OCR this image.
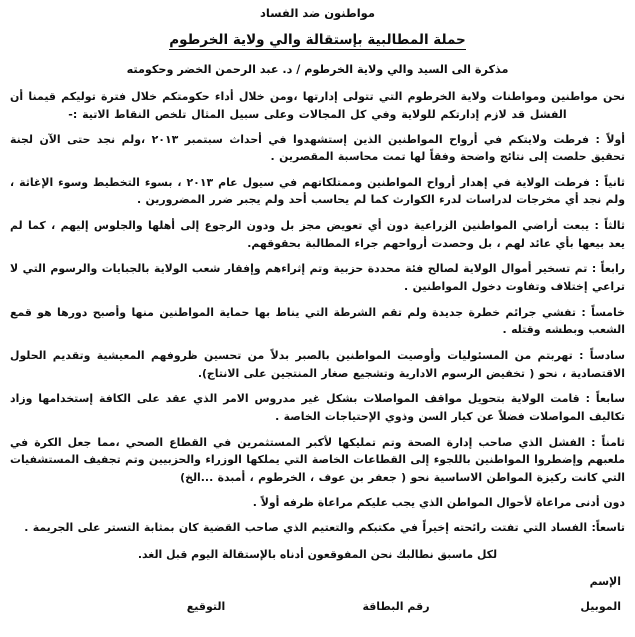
مواطنون ضد الفساد
حملة المطالبية بإستقالة والي ولاية الخرطوم
مذكرة الى السيد والي ولاية الخرطوم / د. عبد الرحمن الخضر وحكومته
نحن مواطنين ومواطنات ولاية الخرطوم التي تتولى إدارتها ،ومن خلال أداء حكومتكم خلال فترة توليكم قيمنا أن الفشل قد لازم إدارتكم للولاية وفي كل المجالات وعلى سبيل المثال تلخص النقاط الاتية :-

أولاً : فرطت ولايتكم في أرواح المواطنين الذين إستشهدوا في أحداث سبتمبر ٢٠١٣ ،ولم نجد حتى الآن لجنة تحقيق حلصت إلى نتائج واضحة وفقاً لها تمت محاسبة المقصرين .

ثانياً : فرطت الولاية في إهدار أرواح المواطنين وممتلكاتهم في سيول عام ٢٠١٣ ، بسوء التخطيط وسوء الإغاثة ، ولم نجد أي مخرجات لدراسات لدرء الكوارث كما لم يحاسب أحد ولم يجبر ضرر المضرورين .

ثالثاً : يبعت أراضي المواطنين الزراعية دون أي تعويض مجز بل ودون الرجوع إلى أهلها والجلوس إليهم ، كما لم يعد بيعها بأي عائد لهم ، بل وحصدت أرواحهم جراء المطالبة بحقوقهم.

رابعاً : تم تسخير أموال الولاية لصالح فئة محددة حزبية وتم إثراءهم وإفقار شعب الولاية بالجبايات والرسوم التي لا تراعي إختلاف وتفاوت دخول المواطنين .

خامساً : تفشي جرائم خطرة جديدة ولم تقم الشرطة التي يناط بها حماية المواطنين منها وأصبح دورها هو قمع الشعب وبطشه وقتله .

سادساً : تهربتم من المسئوليات وأوصيت المواطنين بالصبر بدلاً من تحسين ظروفهم المعيشية وتقديم الحلول الاقتصادية ، نحو ( تخفيض الرسوم الادارية وتشجيع صغار المنتجين على الانتاج).

سابعاً : قامت الولاية بتحويل مواقف المواصلات بشكل غير مدروس الامر الذي عقد على الكافة إستخدامها وزاد تكاليف المواصلات فضلاً عن كيار السن وذوي الإحتياجات الخاصة .

ثامناً : الفشل الذي صاحب إدارة الصحة وتم تمليكها لأكبر المستثمرين في القطاع الصحي ،مما جعل الكرة في ملعبهم وإضطروا المواطنين باللجوء إلى القطاعات الخاصة التي يملكها الوزراء والحزبيين وتم تجفيف المستشفيات التي كانت ركيزة المواطن الاساسية نحو ( جعفر بن عوف ، الخرطوم ، أمبدة ...الخ)

دون أدنى مراعاة لأحوال المواطن الذي يجب عليكم مراعاة ظرفه أولاً .

تاسعاً: الفساد التي تفتت رائحته إخيراً في مكتبكم والتعتيم الذي صاحب القضية كان بمثابة التستر على الجريمة .

لكل ماسبق نطالبك نحن المفوقعون أدناه بالإستقالة اليوم قبل الغد.
الإسم
الموبيل
رقم البطاقة
التوقيع
